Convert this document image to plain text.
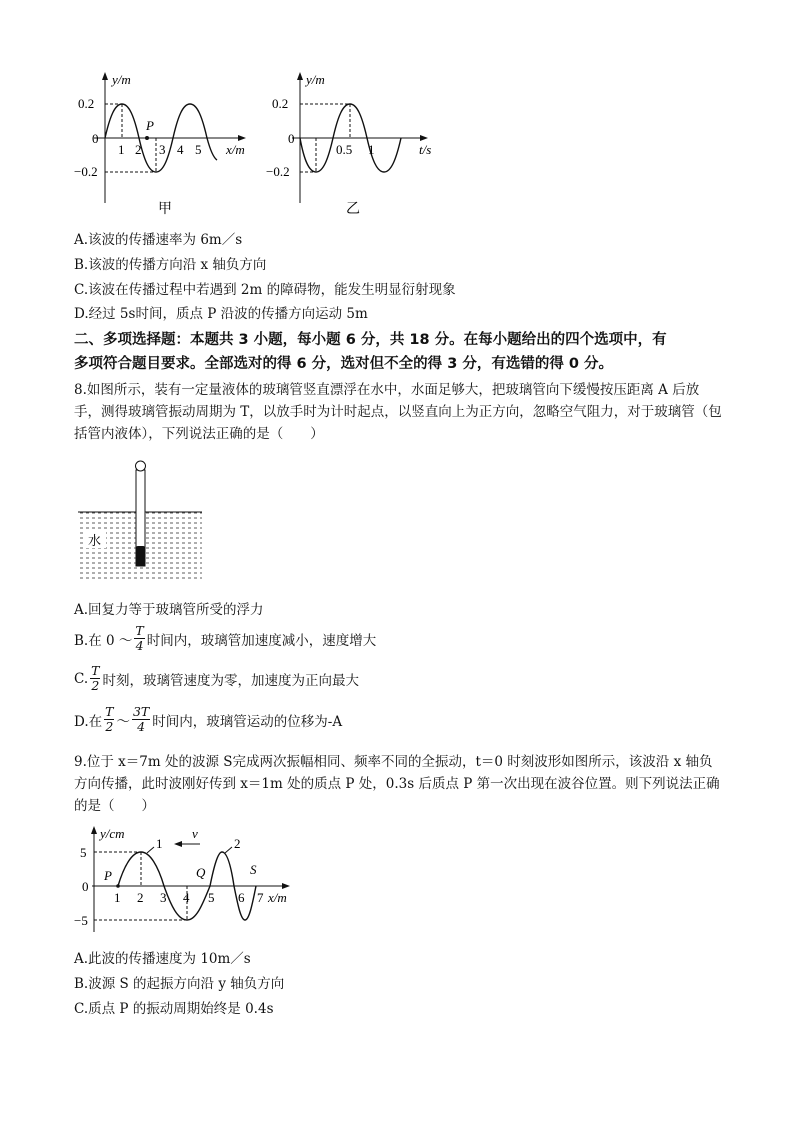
y/m
0.2
0
−0.2
P
1 2 3 4 5 x/m
甲
y/m
0.2
0
−0.2
0.5 1	t/s
乙
A.该波的传播速率为 6m／s
B.该波的传播方向沿 x 轴负方向
C.该波在传播过程中若遇到 2m 的障碍物，能发生明显衍射现象
D.经过 5s时间，质点 P 沿波的传播方向运动 5m
二、多项选择题：本题共 3 小题，每小题 6 分，共 18 分。在每小题给出的四个选项中，有
多项符合题目要求。全部选对的得 6 分，选对但不全的得 3 分，有选错的得 0 分。
8.如图所示，装有一定量液体的玻璃管竖直漂浮在水中，水面足够大，把玻璃管向下缓慢按压距离 A 后放手，测得玻璃管振动周期为 T，以放手时为计时起点，以竖直向上为正方向，忽略空气阻力，对于玻璃管（包括管内液体），下列说法正确的是（　　）
水
A.回复力等于玻璃管所受的浮力
B.在 0 ～ $\frac{T}{4}$ 时间内，玻璃管加速度减小，速度增大
C. $\frac{T}{2}$ 时刻，玻璃管速度为零，加速度为正向最大
D.在 $\frac{T}{2}$ ～ $\frac{3T}{4}$ 时间内，玻璃管运动的位移为-A
9.位于 x＝7m 处的波源 S完成两次振幅相同、频率不同的全振动，t＝0 时刻波形如图所示，该波沿 x 轴负方向传播，此时波刚好传到 x＝1m 处的质点 P 处，0.3s 后质点 P 第一次出现在波谷位置。则下列说法正确的是（　　）
y/cm
5
0
−5
v
1	2
P	Q	S
1 2 3 4 5 6 7 x/m
A.此波的传播速度为 10m／s
B.波源 S 的起振方向沿 y 轴负方向
C.质点 P 的振动周期始终是 0.4s
